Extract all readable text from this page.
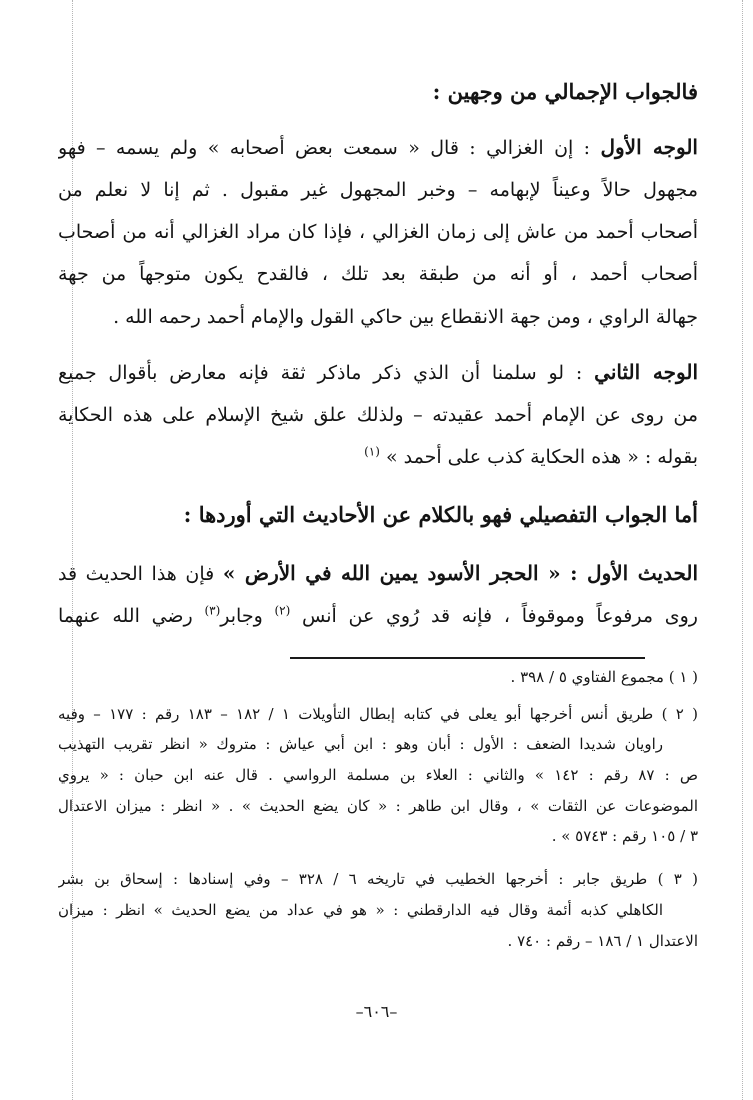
فالجواب الإجمالي من وجهين :
الوجه الأول : إن الغزالي : قال « سمعت بعض أصحابه » ولم يسمه – فهو
مجهول حالاً وعيناً لإبهامه – وخبر المجهول غير مقبول . ثم إنا لا نعلم من
أصحاب أحمد من عاش إلى زمان الغزالي ، فإذا كان مراد الغزالي أنه من أصحاب
أصحاب أحمد ، أو أنه من طبقة بعد تلك ، فالقدح يكون متوجهاً من جهة
جهالة الراوي ، ومن جهة الانقطاع بين حاكي القول والإمام أحمد رحمه الله .
الوجه الثاني : لو سلمنا أن الذي ذكر ماذكر ثقة فإنه معارض بأقوال جميع
من روى عن الإمام أحمد عقيدته – ولذلك علق شيخ الإسلام على هذه الحكاية
بقوله : « هذه الحكاية كذب على أحمد » $^{(١)}$
أما الجواب التفصيلي فهو بالكلام عن الأحاديث التي أوردها :
الحديث الأول : « الحجر الأسود يمين الله في الأرض » فإن هذا الحديث قد
روى مرفوعاً وموقوفاً ، فإنه قد رُوي عن أنس $^{(٢)}$ وجابر$^{(٣)}$ رضي الله عنهما
( ١ ) مجموع الفتاوي ٥ / ٣٩٨ .
( ٢ ) طريق أنس أخرجها أبو يعلى في كتابه إبطال التأويلات ١ / ١٨٢ – ١٨٣ رقم : ١٧٧ – وفيه
راويان شديدا الضعف : الأول : أبان وهو : ابن أبي عياش : متروك « انظر تقريب التهذيب
ص : ٨٧ رقم : ١٤٢ » والثاني : العلاء بن مسلمة الرواسي . قال عنه ابن حبان : « يروي
الموضوعات عن الثقات » ، وقال ابن طاهر : « كان يضع الحديث » . « انظر : ميزان الاعتدال
٣ / ١٠٥ رقم : ٥٧٤٣ » .
( ٣ ) طريق جابر : أخرجها الخطيب في تاريخه ٦ / ٣٢٨ – وفي إسنادها : إسحاق بن بشر
الكاهلي كذبه أئمة وقال فيه الدارقطني : « هو في عداد من يضع الحديث » انظر : ميزان
الاعتدال ١ / ١٨٦ – رقم : ٧٤٠ .
–٦٠٦–
